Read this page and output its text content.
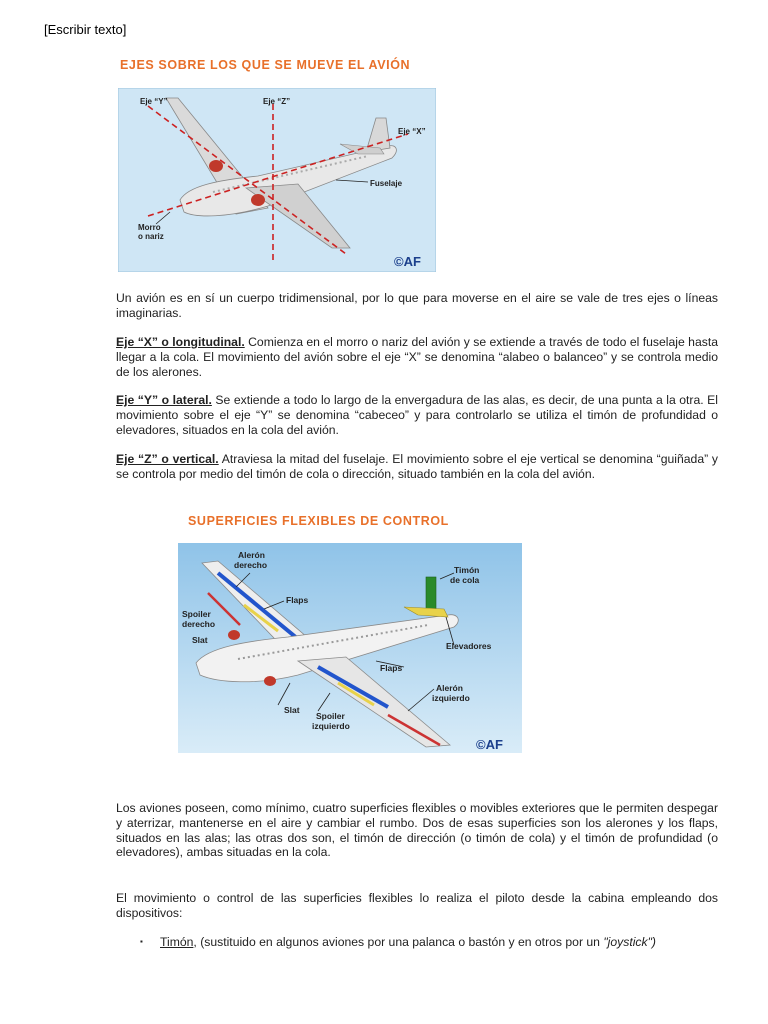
[Escribir texto]
EJES SOBRE LOS QUE SE MUEVE EL AVIÓN
Eje “Y”	Eje “Z”
Eje “X”
Fuselaje
Morro
o nariz
©AF
Un avión es en sí un cuerpo tridimensional, por lo que para moverse en el aire se vale de tres ejes o líneas imaginarias.
Eje “X” o longitudinal. Comienza en el morro o nariz del avión y se extiende a través de todo el fuselaje hasta llegar a la cola. El movimiento del avión sobre el eje “X” se denomina “alabeo o balanceo” y se controla medio de los alerones.
Eje “Y” o lateral. Se extiende a todo lo largo de la envergadura de las alas, es decir, de una punta a la otra. El movimiento sobre el eje “Y” se denomina “cabeceo” y para controlarlo se utiliza el timón de profundidad o elevadores, situados en la cola del avión.
Eje “Z” o vertical. Atraviesa la mitad del fuselaje. El movimiento sobre el eje vertical se denomina “guiñada” y se controla por medio del timón de cola o dirección, situado también en la cola del avión.
SUPERFICIES FLEXIBLES DE CONTROL
Alerón
derecho	Timón
de cola
Flaps
Spoiler
derecho
Slat
Elevadores
Flaps
Alerón
izquierdo
Slat
Spoiler
izquierdo
©AF
Los aviones poseen, como mínimo, cuatro superficies flexibles o movibles exteriores que le permiten despegar y aterrizar, mantenerse en el aire y cambiar el rumbo. Dos de esas superficies son los alerones y los flaps, situados en las alas; las otras dos son, el timón de dirección (o timón de cola) y el timón de profundidad (o elevadores), ambas situadas en la cola.
El movimiento o control de las superficies flexibles lo realiza el piloto desde la cabina empleando dos dispositivos:
▪ Timón, (sustituido en algunos aviones por una palanca o bastón y en otros por un "joystick")
